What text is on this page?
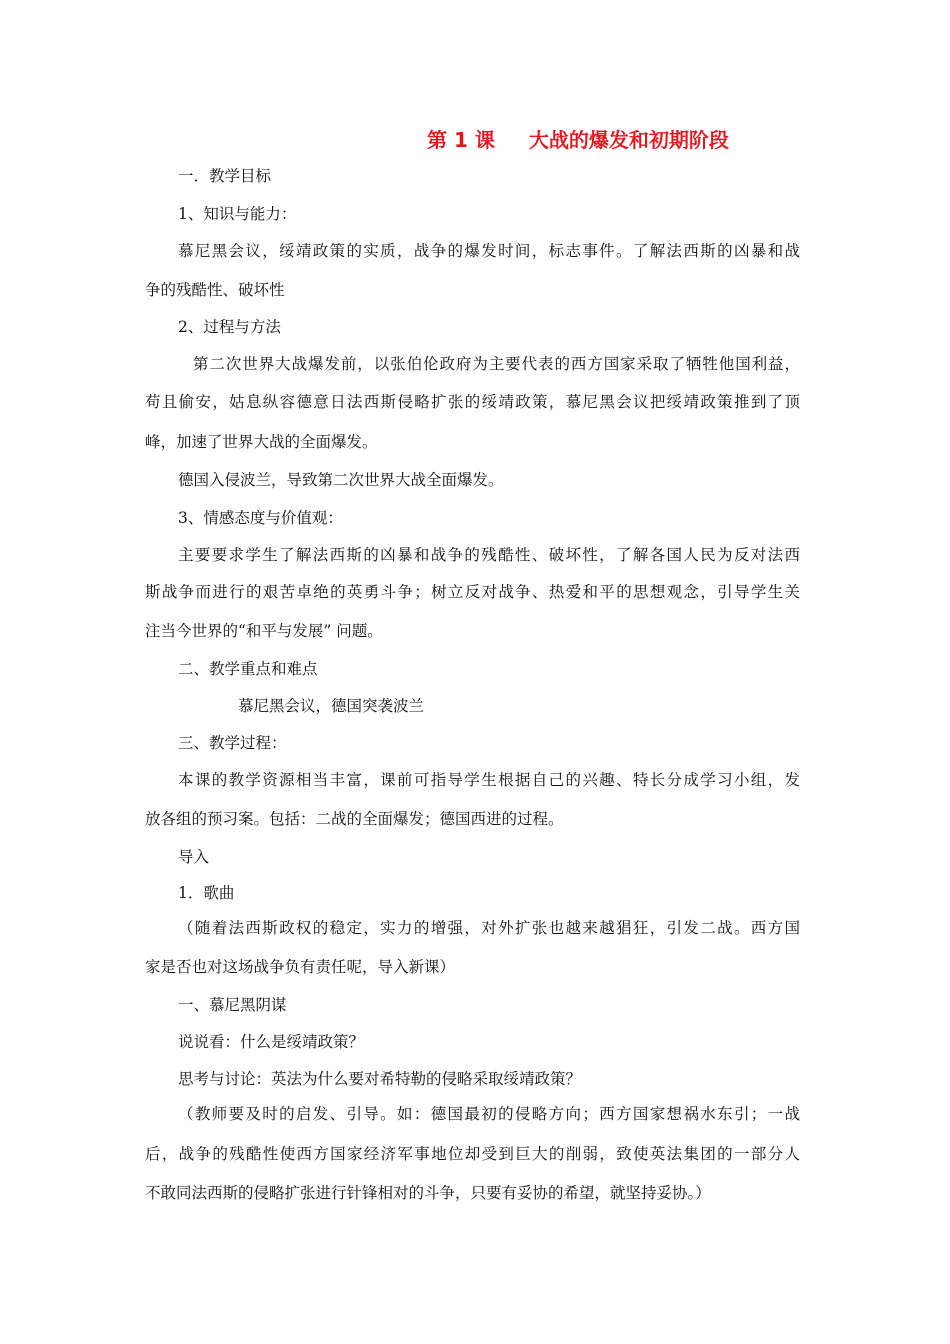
第 1 课 大战的爆发和初期阶段
一．教学目标
1、知识与能力：
慕尼黑会议，绥靖政策的实质，战争的爆发时间，标志事件。了解法西斯的凶暴和战
争的残酷性、破坏性
2、过程与方法
第二次世界大战爆发前，以张伯伦政府为主要代表的西方国家采取了牺牲他国利益，
苟且偷安，姑息纵容德意日法西斯侵略扩张的绥靖政策，慕尼黑会议把绥靖政策推到了顶
峰，加速了世界大战的全面爆发。
德国入侵波兰，导致第二次世界大战全面爆发。
3、情感态度与价值观：
主要要求学生了解法西斯的凶暴和战争的残酷性、破坏性，了解各国人民为反对法西
斯战争而进行的艰苦卓绝的英勇斗争；树立反对战争、热爱和平的思想观念，引导学生关
注当今世界的“和平与发展” 问题。
二、教学重点和难点
慕尼黑会议，德国突袭波兰
三、教学过程：
本课的教学资源相当丰富，课前可指导学生根据自己的兴趣、特长分成学习小组，发
放各组的预习案。包括：二战的全面爆发；德国西进的过程。
导入
1．歌曲
（随着法西斯政权的稳定，实力的增强，对外扩张也越来越猖狂，引发二战。西方国
家是否也对这场战争负有责任呢，导入新课）
一、慕尼黑阴谋
说说看：什么是绥靖政策？
思考与讨论：英法为什么要对希特勒的侵略采取绥靖政策？
（教师要及时的启发、引导。如：德国最初的侵略方向；西方国家想祸水东引；一战
后，战争的残酷性使西方国家经济军事地位却受到巨大的削弱，致使英法集团的一部分人
不敢同法西斯的侵略扩张进行针锋相对的斗争，只要有妥协的希望，就坚持妥协。）
